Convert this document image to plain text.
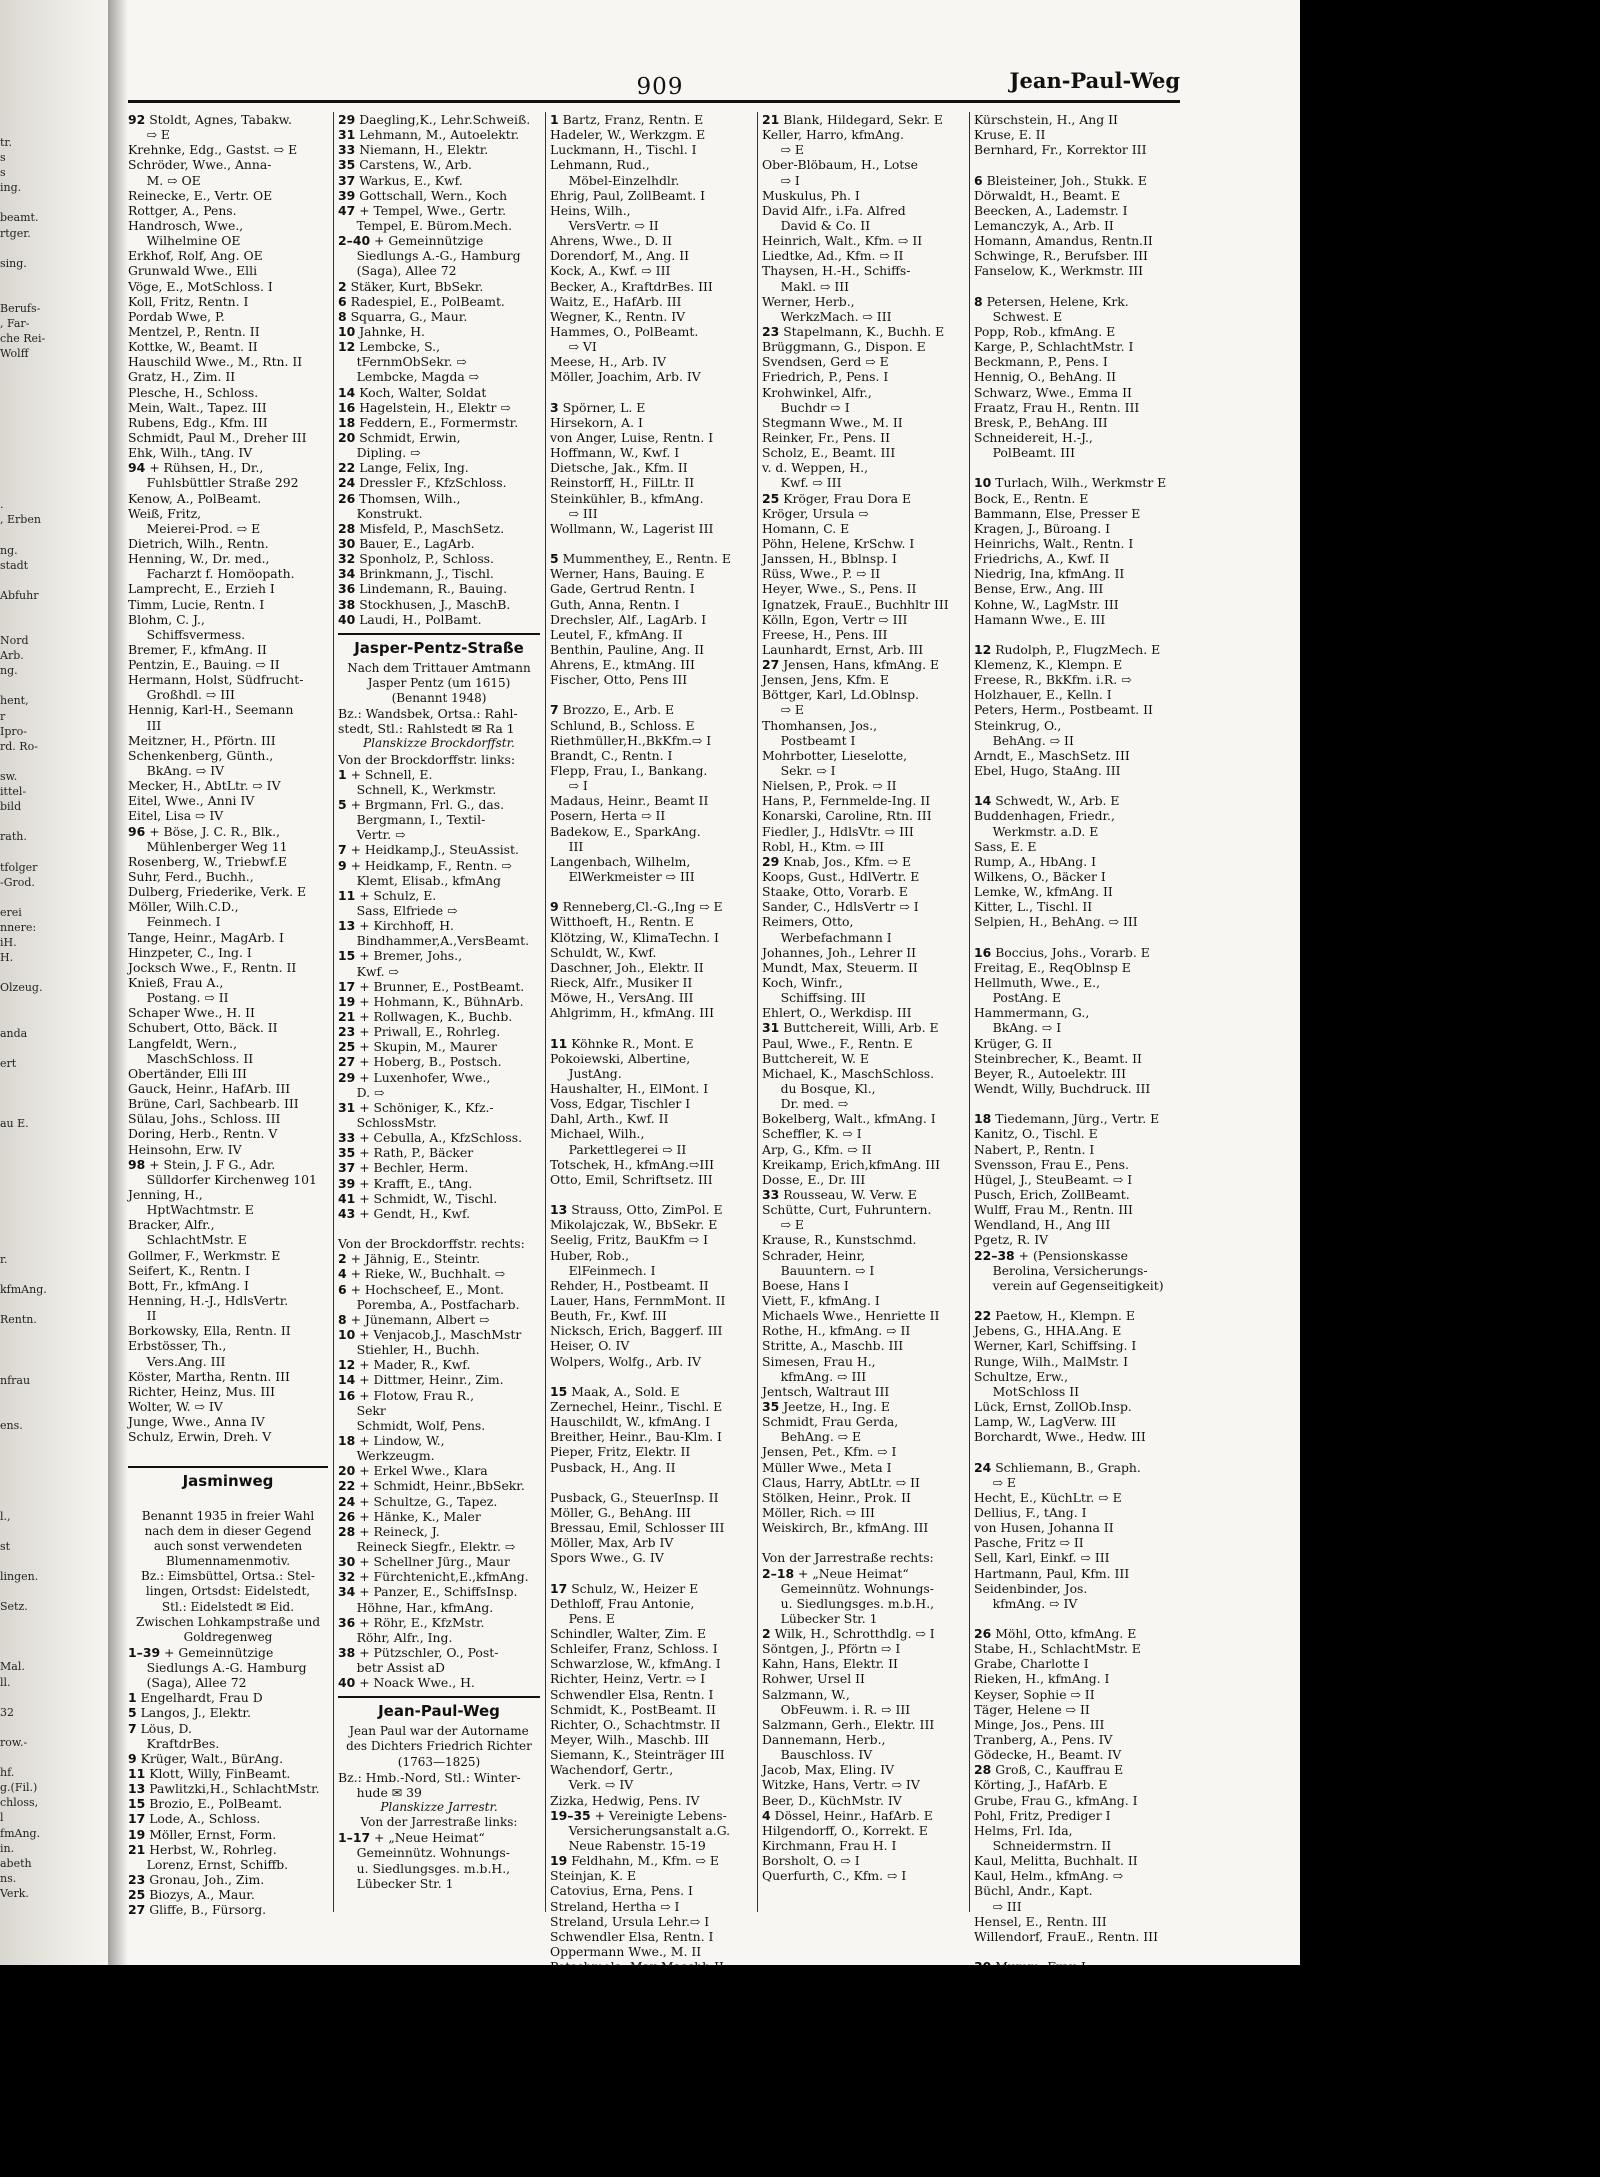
tr.
s
s
ing.
beamt.
rtger.
sing.
Berufs-
, Far-
che Rei-
Wolff
.
, Erben
ng.
stadt
Abfuhr
Nord
Arb.
ng.
hent,
r
Ipro-
rd. Ro-
sw.
ittel-
bild
rath.
tfolger
-Grod.
erei
nnere:
iH.
H.
Olzeug.
anda
ert
au E.
r.
kfmAng.
Rentn.
nfrau
ens.
l.,
st
lingen.
Setz.
Mal.
ll.
32
row.-
hf.
g.(Fil.)
chloss,
l
fmAng.
in.
abeth
ns.
Verk.
909	Jean-Paul-Weg
92 Stoldt, Agnes, Tabakw.
  ⇨ E
Krehnke, Edg., Gastst. ⇨ E
Schröder, Wwe., Anna-
  M. ⇨ OE
Reinecke, E., Vertr. OE
Rottger, A., Pens.
Handrosch, Wwe.,
  Wilhelmine OE
Erkhof, Rolf, Ang. OE
Grunwald Wwe., Elli
Vöge, E., MotSchloss. I
Koll, Fritz, Rentn. I
Pordab Wwe, P.
Mentzel, P., Rentn. II
Kottke, W., Beamt. II
Hauschild Wwe., M., Rtn. II
Gratz, H., Zim. II
Plesche, H., Schloss.
Mein, Walt., Tapez. III
Rubens, Edg., Kfm. III
Schmidt, Paul M., Dreher III
Ehk, Wilh., tAng. IV
94 + Rühsen, H., Dr.,
  Fuhlsbüttler Straße 292
Kenow, A., PolBeamt.
Weiß, Fritz,
  Meierei-Prod. ⇨ E
Dietrich, Wilh., Rentn.
Henning, W., Dr. med.,
  Facharzt f. Homöopath.
Lamprecht, E., Erzieh I
Timm, Lucie, Rentn. I
Blohm, C. J.,
  Schiffsvermess.
Bremer, F., kfmAng. II
Pentzin, E., Bauing. ⇨ II
Hermann, Holst, Südfrucht-
  Großhdl. ⇨ III
Hennig, Karl-H., Seemann
  III
Meitzner, H., Pförtn. III
Schenkenberg, Günth.,
  BkAng. ⇨ IV
Mecker, H., AbtLtr. ⇨ IV
Eitel, Wwe., Anni IV
Eitel, Lisa ⇨ IV
96 + Böse, J. C. R., Blk.,
  Mühlenberger Weg 11
Rosenberg, W., Triebwf.E
Suhr, Ferd., Buchh.,
Dulberg, Friederike, Verk. E
Möller, Wilh.C.D.,
  Feinmech. I
Tange, Heinr., MagArb. I
Hinzpeter, C., Ing. I
Jocksch Wwe., F., Rentn. II
Knieß, Frau A.,
  Postang. ⇨ II
Schaper Wwe., H. II
Schubert, Otto, Bäck. II
Langfeldt, Wern.,
  MaschSchloss. II
Obertänder, Elli III
Gauck, Heinr., HafArb. III
Brüne, Carl, Sachbearb. III
Sülau, Johs., Schloss. III
Doring, Herb., Rentn. V
Heinsohn, Erw. IV
98 + Stein, J. F G., Adr.
  Sülldorfer Kirchenweg 101
Jenning, H.,
  HptWachtmstr. E
Bracker, Alfr.,
  SchlachtMstr. E
Gollmer, F., Werkmstr. E
Seifert, K., Rentn. I
Bott, Fr., kfmAng. I
Henning, H.-J., HdlsVertr.
  II
Borkowsky, Ella, Rentn. II
Erbstösser, Th.,
  Vers.Ang. III
Köster, Martha, Rentn. III
Richter, Heinz, Mus. III
Wolter, W. ⇨ IV
Junge, Wwe., Anna IV
Schulz, Erwin, Dreh. V
Jasminweg
Benannt 1935 in freier Wahl
nach dem in dieser Gegend
auch sonst verwendeten
Blumennamenmotiv.
Bz.: Eimsbüttel, Ortsa.: Stel-
lingen, Ortsdst: Eidelstedt,
Stl.: Eidelstedt ✉ Eid.
Zwischen Lohkampstraße und
Goldregenweg
1–39 + Gemeinnützige
  Siedlungs A.-G. Hamburg
  (Saga), Allee 72
1 Engelhardt, Frau D
5 Langos, J., Elektr.
7 Löus, D.
  KraftdrBes.
9 Krüger, Walt., BürAng.
11 Klott, Willy, FinBeamt.
13 Pawlitzki,H., SchlachtMstr.
15 Brozio, E., PolBeamt.
17 Lode, A., Schloss.
19 Möller, Ernst, Form.
21 Herbst, W., Rohrleg.
  Lorenz, Ernst, Schiffb.
23 Gronau, Joh., Zim.
25 Biozys, A., Maur.
27 Gliffe, B., Fürsorg.
29 Daegling,K., Lehr.Schweiß.
31 Lehmann, M., Autoelektr.
33 Niemann, H., Elektr.
35 Carstens, W., Arb.
37 Warkus, E., Kwf.
39 Gottschall, Wern., Koch
47 + Tempel, Wwe., Gertr.
  Tempel, E. Bürom.Mech.
2–40 + Gemeinnützige
  Siedlungs A.-G., Hamburg
  (Saga), Allee 72
2 Stäker, Kurt, BbSekr.
6 Radespiel, E., PolBeamt.
8 Squarra, G., Maur.
10 Jahnke, H.
12 Lembcke, S.,
  tFernmObSekr. ⇨
  Lembcke, Magda ⇨
14 Koch, Walter, Soldat
16 Hagelstein, H., Elektr ⇨
18 Feddern, E., Formermstr.
20 Schmidt, Erwin,
  Dipling. ⇨
22 Lange, Felix, Ing.
24 Dressler F., KfzSchloss.
26 Thomsen, Wilh.,
  Konstrukt.
28 Misfeld, P., MaschSetz.
30 Bauer, E., LagArb.
32 Sponholz, P., Schloss.
34 Brinkmann, J., Tischl.
36 Lindemann, R., Bauing.
38 Stockhusen, J., MaschB.
40 Laudi, H., PolBamt.
Jasper-Pentz-Straße
Nach dem Trittauer Amtmann
Jasper Pentz (um 1615)
(Benannt 1948)
Bz.: Wandsbek, Ortsa.: Rahl-
stedt, Stl.: Rahlstedt ✉ Ra 1
Planskizze Brockdorffstr.
Von der Brockdorffstr. links:
1 + Schnell, E.
  Schnell, K., Werkmstr.
5 + Brgmann, Frl. G., das.
  Bergmann, I., Textil-
  Vertr. ⇨
7 + Heidkamp,J., SteuAssist.
9 + Heidkamp, F., Rentn. ⇨
  Klemt, Elisab., kfmAng
11 + Schulz, E.
  Sass, Elfriede ⇨
13 + Kirchhoff, H.
  Bindhammer,A.,VersBeamt.
15 + Bremer, Johs.,
  Kwf. ⇨
17 + Brunner, E., PostBeamt.
19 + Hohmann, K., BühnArb.
21 + Rollwagen, K., Buchb.
23 + Priwall, E., Rohrleg.
25 + Skupin, M., Maurer
27 + Hoberg, B., Postsch.
29 + Luxenhofer, Wwe.,
  D. ⇨
31 + Schöniger, K., Kfz.-
  SchlossMstr.
33 + Cebulla, A., KfzSchloss.
35 + Rath, P., Bäcker
37 + Bechler, Herm.
39 + Krafft, E., tAng.
41 + Schmidt, W., Tischl.
43 + Gendt, H., Kwf.
Von der Brockdorffstr. rechts:
2 + Jähnig, E., Steintr.
4 + Rieke, W., Buchhalt. ⇨
6 + Hochscheef, E., Mont.
  Poremba, A., Postfacharb.
8 + Jünemann, Albert ⇨
10 + Venjacob,J., MaschMstr
  Stiehler, H., Buchh.
12 + Mader, R., Kwf.
14 + Dittmer, Heinr., Zim.
16 + Flotow, Frau R.,
  Sekr
  Schmidt, Wolf, Pens.
18 + Lindow, W.,
  Werkzeugm.
20 + Erkel Wwe., Klara
22 + Schmidt, Heinr.,BbSekr.
24 + Schultze, G., Tapez.
26 + Hänke, K., Maler
28 + Reineck, J.
  Reineck Siegfr., Elektr. ⇨
30 + Schellner Jürg., Maur
32 + Fürchtenicht,E.,kfmAng.
34 + Panzer, E., SchiffsInsp.
  Höhne, Har., kfmAng.
36 + Röhr, E., KfzMstr.
  Röhr, Alfr., Ing.
38 + Pützschler, O., Post-
  betr Assist aD
40 + Noack Wwe., H.
Jean-Paul-Weg
Jean Paul war der Autorname
des Dichters Friedrich Richter
(1763—1825)
Bz.: Hmb.-Nord, Stl.: Winter-
  hude ✉ 39
Planskizze Jarrestr.
Von der Jarrestraße links:
1–17 + „Neue Heimat“
  Gemeinnütz. Wohnungs-
  u. Siedlungsges. m.b.H.,
  Lübecker Str. 1
1 Bartz, Franz, Rentn. E
Hadeler, W., Werkzgm. E
Luckmann, H., Tischl. I
Lehmann, Rud.,
  Möbel-Einzelhdlr.
Ehrig, Paul, ZollBeamt. I
Heins, Wilh.,
  VersVertr. ⇨ II
Ahrens, Wwe., D. II
Dorendorf, M., Ang. II
Kock, A., Kwf. ⇨ III
Becker, A., KraftdrBes. III
Waitz, E., HafArb. III
Wegner, K., Rentn. IV
Hammes, O., PolBeamt.
  ⇨ VI
Meese, H., Arb. IV
Möller, Joachim, Arb. IV
3 Spörner, L. E
Hirsekorn, A. I
von Anger, Luise, Rentn. I
Hoffmann, W., Kwf. I
Dietsche, Jak., Kfm. II
Reinstorff, H., FilLtr. II
Steinkühler, B., kfmAng.
  ⇨ III
Wollmann, W., Lagerist III
5 Mummenthey, E., Rentn. E
Werner, Hans, Bauing. E
Gade, Gertrud Rentn. I
Guth, Anna, Rentn. I
Drechsler, Alf., LagArb. I
Leutel, F., kfmAng. II
Benthin, Pauline, Ang. II
Ahrens, E., ktmAng. III
Fischer, Otto, Pens III
7 Brozzo, E., Arb. E
Schlund, B., Schloss. E
Riethmüller,H.,BkKfm.⇨ I
Brandt, C., Rentn. I
Flepp, Frau, I., Bankang.
  ⇨ I
Madaus, Heinr., Beamt II
Posern, Herta ⇨ II
Badekow, E., SparkAng.
  III
Langenbach, Wilhelm,
  ElWerkmeister ⇨ III
9 Renneberg,Cl.-G.,Ing ⇨ E
Witthoeft, H., Rentn. E
Klötzing, W., KlimaTechn. I
Schuldt, W., Kwf.
Daschner, Joh., Elektr. II
Rieck, Alfr., Musiker II
Möwe, H., VersAng. III
Ahlgrimm, H., kfmAng. III
11 Köhnke R., Mont. E
Pokoiewski, Albertine,
  JustAng.
Haushalter, H., ElMont. I
Voss, Edgar, Tischler I
Dahl, Arth., Kwf. II
Michael, Wilh.,
  Parkettlegerei ⇨ II
Totschek, H., kfmAng.⇨III
Otto, Emil, Schriftsetz. III
13 Strauss, Otto, ZimPol. E
Mikolajczak, W., BbSekr. E
Seelig, Fritz, BauKfm ⇨ I
Huber, Rob.,
  ElFeinmech. I
Rehder, H., Postbeamt. II
Lauer, Hans, FernmMont. II
Beuth, Fr., Kwf. III
Nicksch, Erich, Baggerf. III
Heiser, O. IV
Wolpers, Wolfg., Arb. IV
15 Maak, A., Sold. E
Zernechel, Heinr., Tischl. E
Hauschildt, W., kfmAng. I
Breither, Heinr., Bau-Klm. I
Pieper, Fritz, Elektr. II
Pusback, H., Ang. II
Pusback, G., SteuerInsp. II
Möller, G., BehAng. III
Bressau, Emil, Schlosser III
Möller, Max, Arb IV
Spors Wwe., G. IV
17 Schulz, W., Heizer E
Dethloff, Frau Antonie,
  Pens. E
Schindler, Walter, Zim. E
Schleifer, Franz, Schloss. I
Schwarzlose, W., kfmAng. I
Richter, Heinz, Vertr. ⇨ I
Schwendler Elsa, Rentn. I
Schmidt, K., PostBeamt. II
Richter, O., Schachtmstr. II
Meyer, Wilh., Maschb. III
Siemann, K., Steinträger III
Wachendorf, Gertr.,
  Verk. ⇨ IV
Zizka, Hedwig, Pens. IV
19–35 + Vereinigte Lebens-
  Versicherungsanstalt a.G.
  Neue Rabenstr. 15-19
19 Feldhahn, M., Kfm. ⇨ E
Steinjan, K. E
Catovius, Erna, Pens. I
Streland, Hertha ⇨ I
Streland, Ursula Lehr.⇨ I
Schwendler Elsa, Rentn. I
Oppermann Wwe., M. II
21 Blank, Hildegard, Sekr. E
Keller, Harro, kfmAng.
  ⇨ E
Ober-Blöbaum, H., Lotse
  ⇨ I
Muskulus, Ph. I
David Alfr., i.Fa. Alfred
  David & Co. II
Heinrich, Walt., Kfm. ⇨ II
Liedtke, Ad., Kfm. ⇨ II
Thaysen, H.-H., Schiffs-
  Makl. ⇨ III
Werner, Herb.,
  WerkzMach. ⇨ III
23 Stapelmann, K., Buchh. E
Brüggmann, G., Dispon. E
Svendsen, Gerd ⇨ E
Friedrich, P., Pens. I
Krohwinkel, Alfr.,
  Buchdr ⇨ I
Stegmann Wwe., M. II
Reinker, Fr., Pens. II
Scholz, E., Beamt. III
v. d. Weppen, H.,
  Kwf. ⇨ III
25 Kröger, Frau Dora E
Kröger, Ursula ⇨
Homann, C. E
Pöhn, Helene, KrSchw. I
Janssen, H., Bblnsp. I
Rüss, Wwe., P. ⇨ II
Heyer, Wwe., S., Pens. II
Ignatzek, FrauE., Buchhltr III
Kölln, Egon, Vertr ⇨ III
Freese, H., Pens. III
Launhardt, Ernst, Arb. III
27 Jensen, Hans, kfmAng. E
Jensen, Jens, Kfm. E
Böttger, Karl, Ld.Oblnsp.
  ⇨ E
Thomhansen, Jos.,
  Postbeamt I
Mohrbotter, Lieselotte,
  Sekr. ⇨ I
Nielsen, P., Prok. ⇨ II
Hans, P., Fernmelde-Ing. II
Konarski, Caroline, Rtn. III
Fiedler, J., HdlsVtr. ⇨ III
Robl, H., Ktm. ⇨ III
29 Knab, Jos., Kfm. ⇨ E
Koops, Gust., HdlVertr. E
Staake, Otto, Vorarb. E
Sander, C., HdlsVertr ⇨ I
Reimers, Otto,
  Werbefachmann I
Johannes, Joh., Lehrer II
Mundt, Max, Steuerm. II
Koch, Winfr.,
  Schiffsing. III
Ehlert, O., Werkdisp. III
31 Buttchereit, Willi, Arb. E
Paul, Wwe., F., Rentn. E
Buttchereit, W. E
Michael, K., MaschSchloss.
  du Bosque, Kl.,
  Dr. med. ⇨
Bokelberg, Walt., kfmAng. I
Scheffler, K. ⇨ I
Arp, G., Kfm. ⇨ II
Kreikamp, Erich,kfmAng. III
Dosse, E., Dr. III
33 Rousseau, W. Verw. E
Schütte, Curt, Fuhruntern.
  ⇨ E
Krause, R., Kunstschmd.
Schrader, Heinr,
  Bauuntern. ⇨ I
Boese, Hans I
Viett, F., kfmAng. I
Michaels Wwe., Henriette II
Rothe, H., kfmAng. ⇨ II
Stritte, A., Maschb. III
Simesen, Frau H.,
  kfmAng. ⇨ III
Jentsch, Waltraut III
35 Jeetze, H., Ing. E
Schmidt, Frau Gerda,
  BehAng. ⇨ E
Jensen, Pet., Kfm. ⇨ I
Müller Wwe., Meta I
Claus, Harry, AbtLtr. ⇨ II
Stölken, Heinr., Prok. II
Möller, Rich. ⇨ III
Weiskirch, Br., kfmAng. III
Von der Jarrestraße rechts:
2–18 + „Neue Heimat“
  Gemeinnütz. Wohnungs-
  u. Siedlungsges. m.b.H.,
  Lübecker Str. 1
2 Wilk, H., Schrotthdlg. ⇨ I
Söntgen, J., Pförtn ⇨ I
Kahn, Hans, Elektr. II
Rohwer, Ursel II
Salzmann, W.,
  ObFeuwm. i. R. ⇨ III
Salzmann, Gerh., Elektr. III
Dannemann, Herb.,
  Bauschloss. IV
Jacob, Max, Eling. IV
Witzke, Hans, Vertr. ⇨ IV
Beer, D., KüchMstr. IV
4 Dössel, Heinr., HafArb. E
Hilgendorff, O., Korrekt. E
Kirchmann, Frau H. I
Borsholt, O. ⇨ I
Querfurth, C., Kfm. ⇨ I
Kürschstein, H., Ang II
Kruse, E. II
Bernhard, Fr., Korrektor III
6 Bleisteiner, Joh., Stukk. E
Dörwaldt, H., Beamt. E
Beecken, A., Lademstr. I
Lemanczyk, A., Arb. II
Homann, Amandus, Rentn.II
Schwinge, R., Berufsber. III
Fanselow, K., Werkmstr. III
8 Petersen, Helene, Krk.
  Schwest. E
Popp, Rob., kfmAng. E
Karge, P., SchlachtMstr. I
Beckmann, P., Pens. I
Hennig, O., BehAng. II
Schwarz, Wwe., Emma II
Fraatz, Frau H., Rentn. III
Bresk, P., BehAng. III
Schneidereit, H.-J.,
  PolBeamt. III
10 Turlach, Wilh., Werkmstr E
Bock, E., Rentn. E
Bammann, Else, Presser E
Kragen, J., Büroang. I
Heinrichs, Walt., Rentn. I
Friedrichs, A., Kwf. II
Niedrig, Ina, kfmAng. II
Bense, Erw., Ang. III
Kohne, W., LagMstr. III
Hamann Wwe., E. III
12 Rudolph, P., FlugzMech. E
Klemenz, K., Klempn. E
Freese, R., BkKfm. i.R. ⇨
Holzhauer, E., Kelln. I
Peters, Herm., Postbeamt. II
Steinkrug, O.,
  BehAng. ⇨ II
Arndt, E., MaschSetz. III
Ebel, Hugo, StaAng. III
14 Schwedt, W., Arb. E
Buddenhagen, Friedr.,
  Werkmstr. a.D. E
Sass, E. E
Rump, A., HbAng. I
Wilkens, O., Bäcker I
Lemke, W., kfmAng. II
Kitter, L., Tischl. II
Selpien, H., BehAng. ⇨ III
16 Boccius, Johs., Vorarb. E
Freitag, E., ReqOblnsp E
Hellmuth, Wwe., E.,
  PostAng. E
Hammermann, G.,
  BkAng. ⇨ I
Krüger, G. II
Steinbrecher, K., Beamt. II
Beyer, R., Autoelektr. III
Wendt, Willy, Buchdruck. III
18 Tiedemann, Jürg., Vertr. E
Kanitz, O., Tischl. E
Nabert, P., Rentn. I
Svensson, Frau E., Pens.
Hügel, J., SteuBeamt. ⇨ I
Pusch, Erich, ZollBeamt.
Wulff, Frau M., Rentn. III
Wendland, H., Ang III
Pgetz, R. IV
22–38 + (Pensionskasse
  Berolina, Versicherungs-
  verein auf Gegenseitigkeit)
22 Paetow, H., Klempn. E
Jebens, G., HHA.Ang. E
Werner, Karl, Schiffsing. I
Runge, Wilh., MalMstr. I
Schultze, Erw.,
  MotSchloss II
Lück, Ernst, ZollOb.Insp.
Lamp, W., LagVerw. III
Borchardt, Wwe., Hedw. III
24 Schliemann, B., Graph.
  ⇨ E
Hecht, E., KüchLtr. ⇨ E
Dellius, F., tAng. I
von Husen, Johanna II
Pasche, Fritz ⇨ II
Sell, Karl, Einkf. ⇨ III
Hartmann, Paul, Kfm. III
Seidenbinder, Jos.
  kfmAng. ⇨ IV
26 Möhl, Otto, kfmAng. E
Stabe, H., SchlachtMstr. E
Grabe, Charlotte I
Rieken, H., kfmAng. I
Keyser, Sophie ⇨ II
Täger, Helene ⇨ II
Minge, Jos., Pens. III
Tranberg, A., Pens. IV
Gödecke, H., Beamt. IV
28 Groß, C., Kauffrau E
Körting, J., HafArb. E
Grube, Frau G., kfmAng. I
Pohl, Fritz, Prediger I
Helms, Frl. Ida,
  Schneidermstrn. II
Kaul, Melitta, Buchhalt. II
Kaul, Helm., kfmAng. ⇨
Büchl, Andr., Kapt.
  ⇨ III
Hensel, E., Rentn. III
Willendorf, FrauE., Rentn. III
